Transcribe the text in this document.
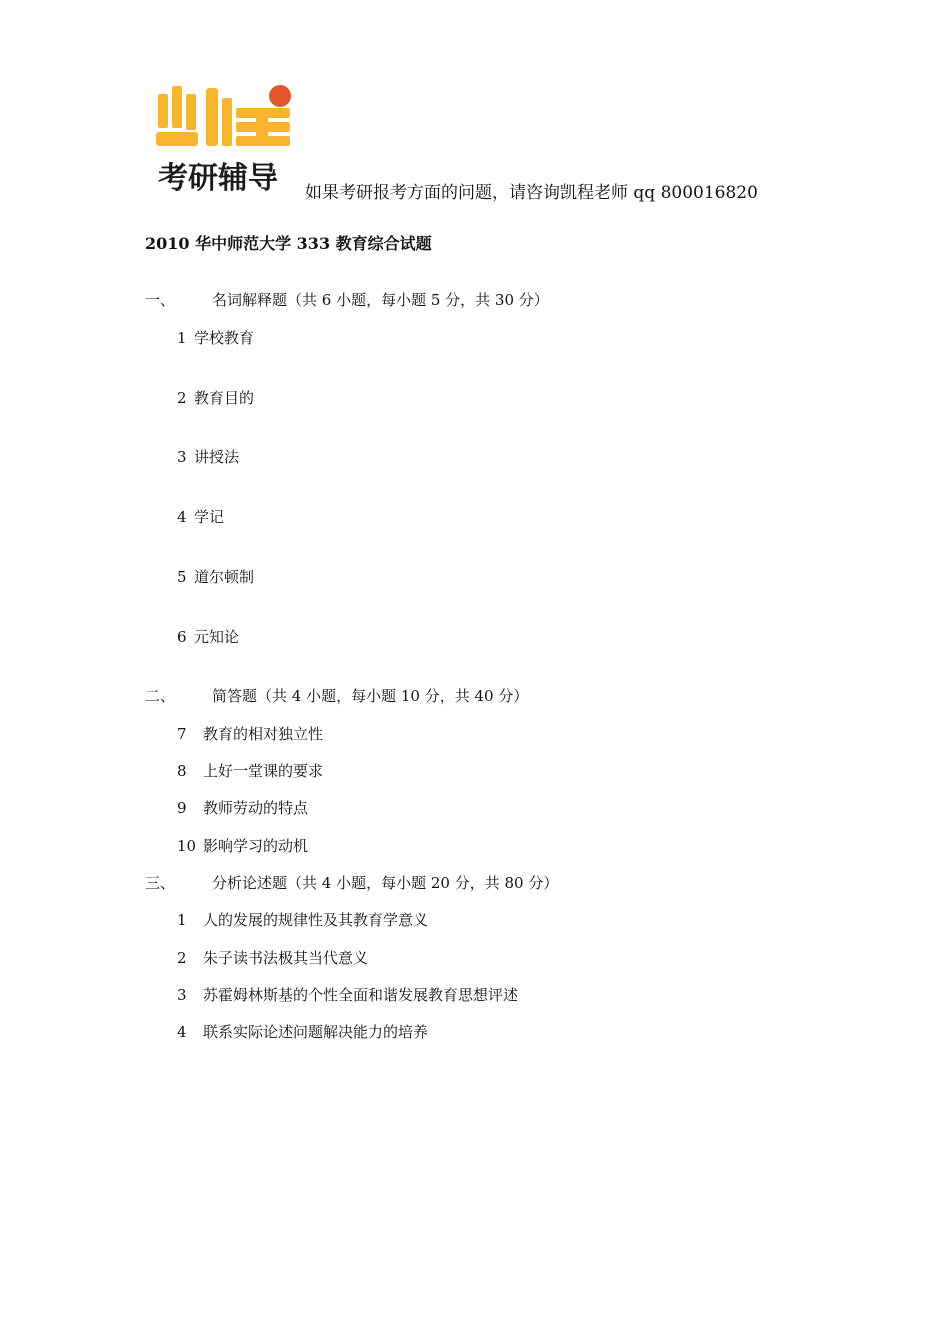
考研辅导 如果考研报考方面的问题，请咨询凯程老师 qq 800016820
2010 华中师范大学 333 教育综合试题
一、 名词解释题（共 6 小题，每小题 5 分，共 30 分）
1 学校教育
2 教育目的
3 讲授法
4 学记
5 道尔顿制
6 元知论
二、 简答题（共 4 小题，每小题 10 分，共 40 分）
7 教育的相对独立性
8 上好一堂课的要求
9 教师劳动的特点
10 影响学习的动机
三、 分析论述题（共 4 小题，每小题 20 分，共 80 分）
1 人的发展的规律性及其教育学意义
2 朱子读书法极其当代意义
3 苏霍姆林斯基的个性全面和谐发展教育思想评述
4 联系实际论述问题解决能力的培养
